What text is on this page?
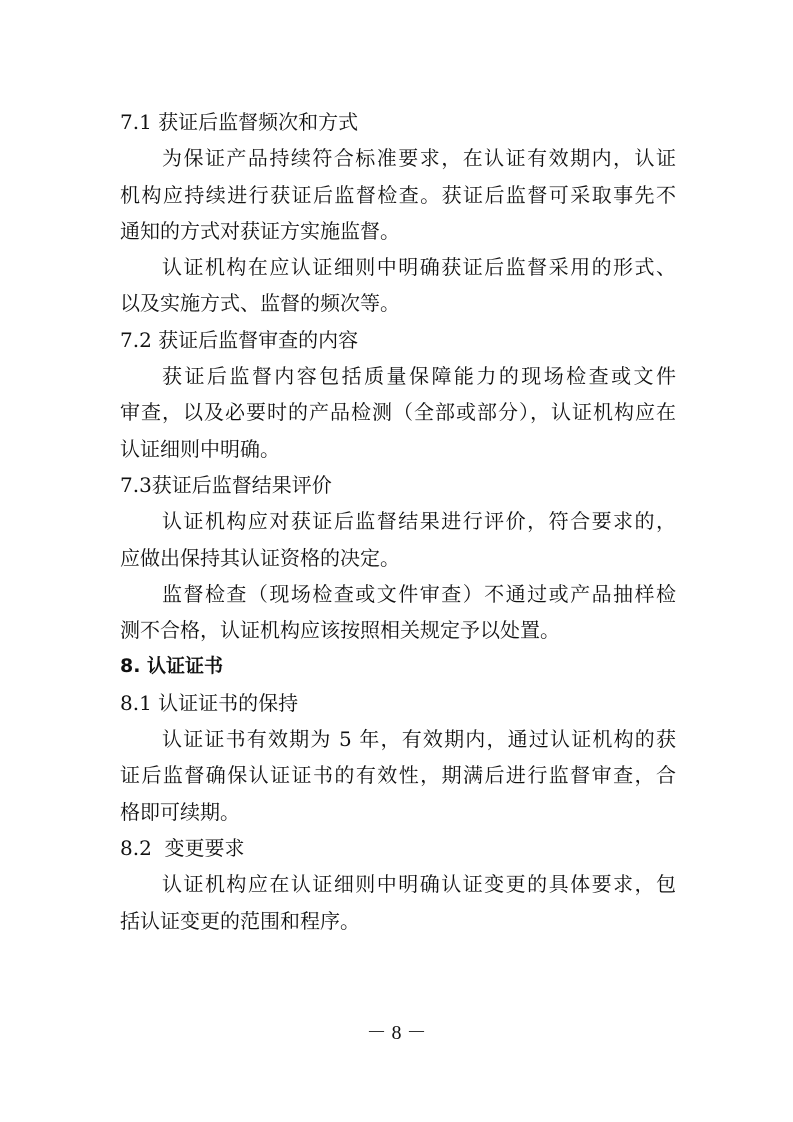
7.1 获证后监督频次和方式
为保证产品持续符合标准要求，在认证有效期内，认证
机构应持续进行获证后监督检查。获证后监督可采取事先不
通知的方式对获证方实施监督。
认证机构在应认证细则中明确获证后监督采用的形式、
以及实施方式、监督的频次等。
7.2 获证后监督审查的内容
获证后监督内容包括质量保障能力的现场检查或文件
审查，以及必要时的产品检测（全部或部分），认证机构应在
认证细则中明确。
7.3获证后监督结果评价
认证机构应对获证后监督结果进行评价，符合要求的，
应做出保持其认证资格的决定。
监督检查（现场检查或文件审查）不通过或产品抽样检
测不合格，认证机构应该按照相关规定予以处置。
8. 认证证书
8.1 认证证书的保持
认证证书有效期为 5 年，有效期内，通过认证机构的获
证后监督确保认证证书的有效性，期满后进行监督审查，合
格即可续期。
8.2  变更要求
认证机构应在认证细则中明确认证变更的具体要求，包
括认证变更的范围和程序。
－ 8 －
